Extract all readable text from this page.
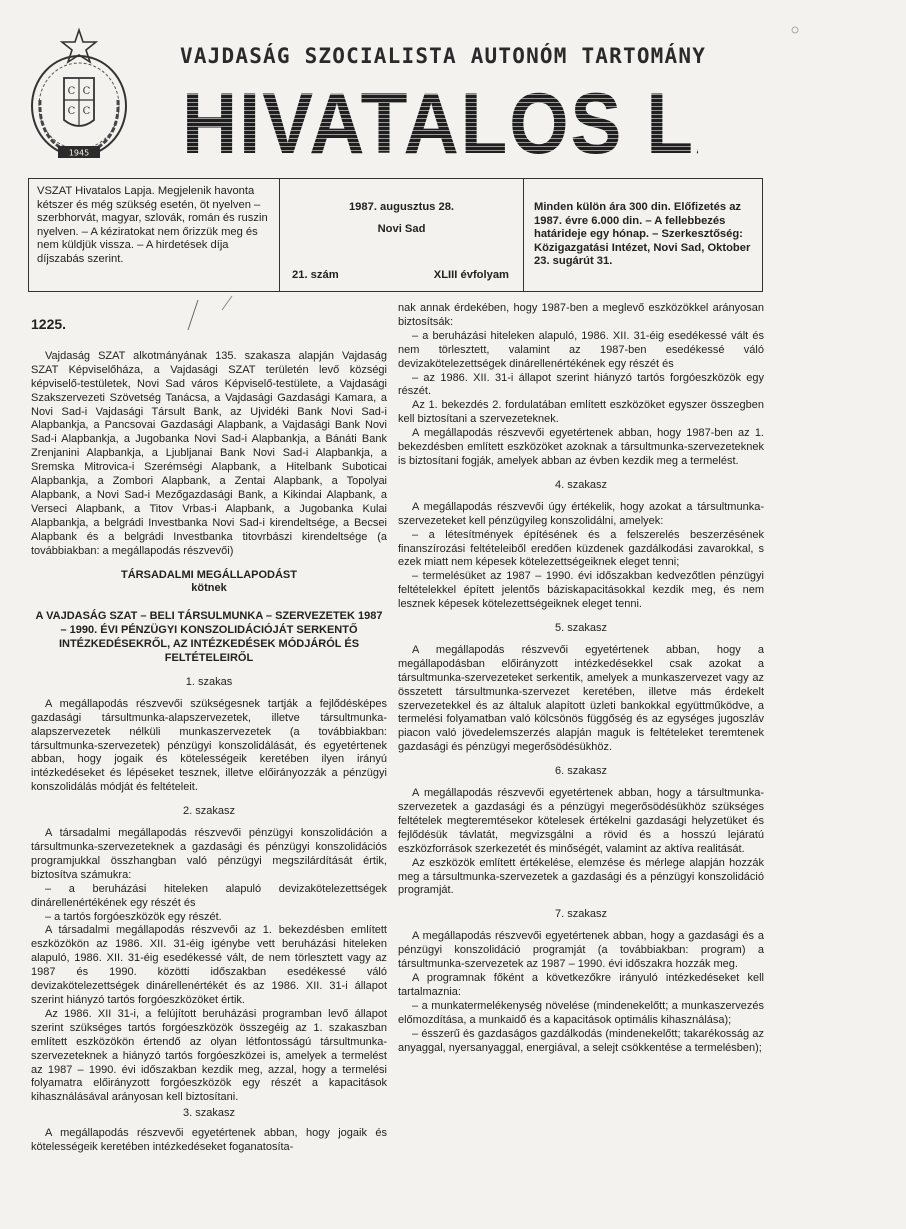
С С
С С
1945
VAJDASÁG SZOCIALISTA AUTONÓM TARTOMÁNY
HIVATALOS LAPJA
VSZAT Hivatalos Lapja. Megjelenik havonta kétszer és még szükség esetén, öt nyelven – szerbhorvát, magyar, szlovák, román és ruszin nyelven. – A kéziratokat nem őrizzük meg és nem küldjük vissza. – A hirdetések díja díjszabás szerint.
1987. augusztus 28.
Novi Sad
21. szám	XLIII évfolyam
Minden külön ára 300 din. Előfizetés az 1987. évre 6.000 din. – A fellebbezés határideje egy hónap. – Szerkesztőség: Közigazgatási Intézet, Novi Sad, Oktober 23. sugárút 31.

1225.

Vajdaság SZAT alkotmányának 135. szakasza alapján Vajdaság SZAT Képviselőháza, a Vajdasági SZAT területén levő községi képviselő-testületek, Novi Sad város Képviselő-testülete, a Vajdasági Szakszervezeti Szövetség Tanácsa, a Vajdasági Gazdasági Kamara, a Novi Sad-i Vajdasági Társult Bank, az Ujvidéki Bank Novi Sad-i Alapbankja, a Pancsovai Gazdasági Alapbank, a Vajdasági Bank Novi Sad-i Alapbankja, a Jugobanka Novi Sad-i Alapbankja, a Bánáti Bank Zrenjanini Alapbankja, a Ljubljanai Bank Novi Sad-i Alapbankja, a Sremska Mitrovica-i Szerémségi Alapbank, a Hitelbank Suboticai Alapbankja, a Zombori Alapbank, a Zentai Alapbank, a Topolyai Alapbank, a Novi Sad-i Mezőgazdasági Bank, a Kikindai Alapbank, a Verseci Alapbank, a Titov Vrbas-i Alapbank, a Jugobanka Kulai Alapbankja, a belgrádi Investbanka Novi Sad-i kirendeltsége, a Becsei Alapbank és a belgrádi Investbanka titovrbászi kirendeltsége (a továbbiakban: a megállapodás részvevői)

TÁRSADALMI MEGÁLLAPODÁST

kötnek

A VAJDASÁG SZAT – BELI TÁRSULMUNKA – SZERVEZETEK 1987 – 1990. ÉVI PÉNZÜGYI KONSZOLIDÁCIÓJÁT SERKENTŐ INTÉZKEDÉSEKRŐL, AZ INTÉZKEDÉSEK MÓDJÁRÓL ÉS FELTÉTELEIRŐL

1. szakas

A megállapodás részvevői szükségesnek tartják a fejlődésképes gazdasági társultmunka-alapszervezetek, illetve társultmunka-alapszervezetek nélküli munkaszervezetek (a továbbiakban: társultmunka-szervezetek) pénzügyi konszolidálását, és egyetértenek abban, hogy jogaik és kötelességeik keretében ilyen irányú intézkedéseket és lépéseket tesznek, illetve előirányozzák a pénzügyi konszolidálás módját és feltételeit.

2. szakasz

A társadalmi megállapodás részvevői pénzügyi konszolidáción a társultmunka-szervezeteknek a gazdasági és pénzügyi konszolidációs programjukkal összhangban való pénzügyi megszilárdítását értik, biztosítva számukra:

– a beruházási hiteleken alapuló devizakötelezettségek dinárellenértékének egy részét és

– a tartós forgóeszközök egy részét.

A társadalmi megállapodás részvevői az 1. bekezdésben említett eszközökön az 1986. XII. 31-éig igénybe vett beruházási hiteleken alapuló, 1986. XII. 31-éig esedékessé vált, de nem törlesztett vagy az 1987 és 1990. közötti időszakban esedékessé váló devizakötelezettségek dinárellenértékét és az 1986. XII. 31-i állapot szerint hiányzó tartós forgóeszközöket értik.

Az 1986. XII 31-i, a felújított beruházási programban levő állapot szerint szükséges tartós forgóeszközök összegéig az 1. szakaszban említett eszközökön értendő az olyan létfontosságú társultmunka-szervezeteknek a hiányzó tartós forgóeszközei is, amelyek a termelést az 1987 – 1990. évi időszakban kezdik meg, azzal, hogy a termelési folyamatra előirányzott forgóeszközök egy részét a kapacitások kihasználásával arányosan kell biztosítani.

3. szakasz

A megállapodás részvevői egyetértenek abban, hogy jogaik és kötelességeik keretében intézkedéseket foganatosíta-

nak annak érdekében, hogy 1987-ben a meglevő eszközökkel arányosan biztosítsák:

– a beruházási hiteleken alapuló, 1986. XII. 31-éig esedékessé vált és nem törlesztett, valamint az 1987-ben esedékessé váló devizakötelezettségek dinárellenértékének egy részét és

– az 1986. XII. 31-i állapot szerint hiányzó tartós forgóeszközök egy részét.

Az 1. bekezdés 2. fordulatában említett eszközöket egyszer összegben kell biztosítani a szervezeteknek.

A megállapodás részvevői egyetértenek abban, hogy 1987-ben az 1. bekezdésben említett eszközöket azoknak a társultmunka-szervezeteknek is biztosítani fogják, amelyek abban az évben kezdik meg a termelést.

4. szakasz

A megállapodás részvevői úgy értékelik, hogy azokat a társultmunka-szervezeteket kell pénzügyileg konszolidálni, amelyek:

– a létesítmények építésének és a felszerelés beszerzésének finanszírozási feltételeiből eredően küzdenek gazdálkodási zavarokkal, s ezek miatt nem képesek kötelezettségeiknek eleget tenni;

– termelésüket az 1987 – 1990. évi időszakban kedvezőtlen pénzügyi feltételekkel épített jelentős báziskapacitásokkal kezdik meg, és nem lesznek képesek kötelezettségeiknek eleget tenni.

5. szakasz

A megállapodás részvevői egyetértenek abban, hogy a megállapodásban előirányzott intézkedésekkel csak azokat a társultmunka-szervezeteket serkentik, amelyek a munkaszervezet vagy az összetett társultmunka-szervezet keretében, illetve más érdekelt szervezetekkel és az általuk alapított üzleti bankokkal együttműködve, a termelési folyamatban való kölcsönös függőség és az egységes jugoszláv piacon való jövedelemszerzés alapján maguk is feltételeket teremtenek gazdasági és pénzügyi megerősödésükhöz.

6. szakasz

A megállapodás részvevői egyetértenek abban, hogy a társultmunka-szervezetek a gazdasági és a pénzügyi megerősödésükhöz szükséges feltételek megteremtésekor kötelesek értékelni gazdasági helyzetüket és fejlődésük távlatát, megvizsgálni a rövid és a hosszú lejáratú eszközforrások szerkezetét és minőségét, valamint az aktíva realitását.

Az eszközök említett értékelése, elemzése és mérlege alapján hozzák meg a társultmunka-szervezetek a gazdasági és a pénzügyi konszolidáció programját.

7. szakasz

A megállapodás részvevői egyetértenek abban, hogy a gazdasági és a pénzügyi konszolidáció programját (a továbbiakban: program) a társultmunka-szervezetek az 1987 – 1990. évi időszakra hozzák meg.

A programnak főként a következőkre irányuló intézkedéseket kell tartalmaznia:

– a munkatermelékenység növelése (mindenekelőtt; a munkaszervezés előmozdítása, a munkaidő és a kapacitások optimális kihasználása);

– ésszerű és gazdaságos gazdálkodás (mindenekelőtt; takarékosság az anyaggal, nyersanyaggal, energiával, a selejt csökkentése a termelésben);
